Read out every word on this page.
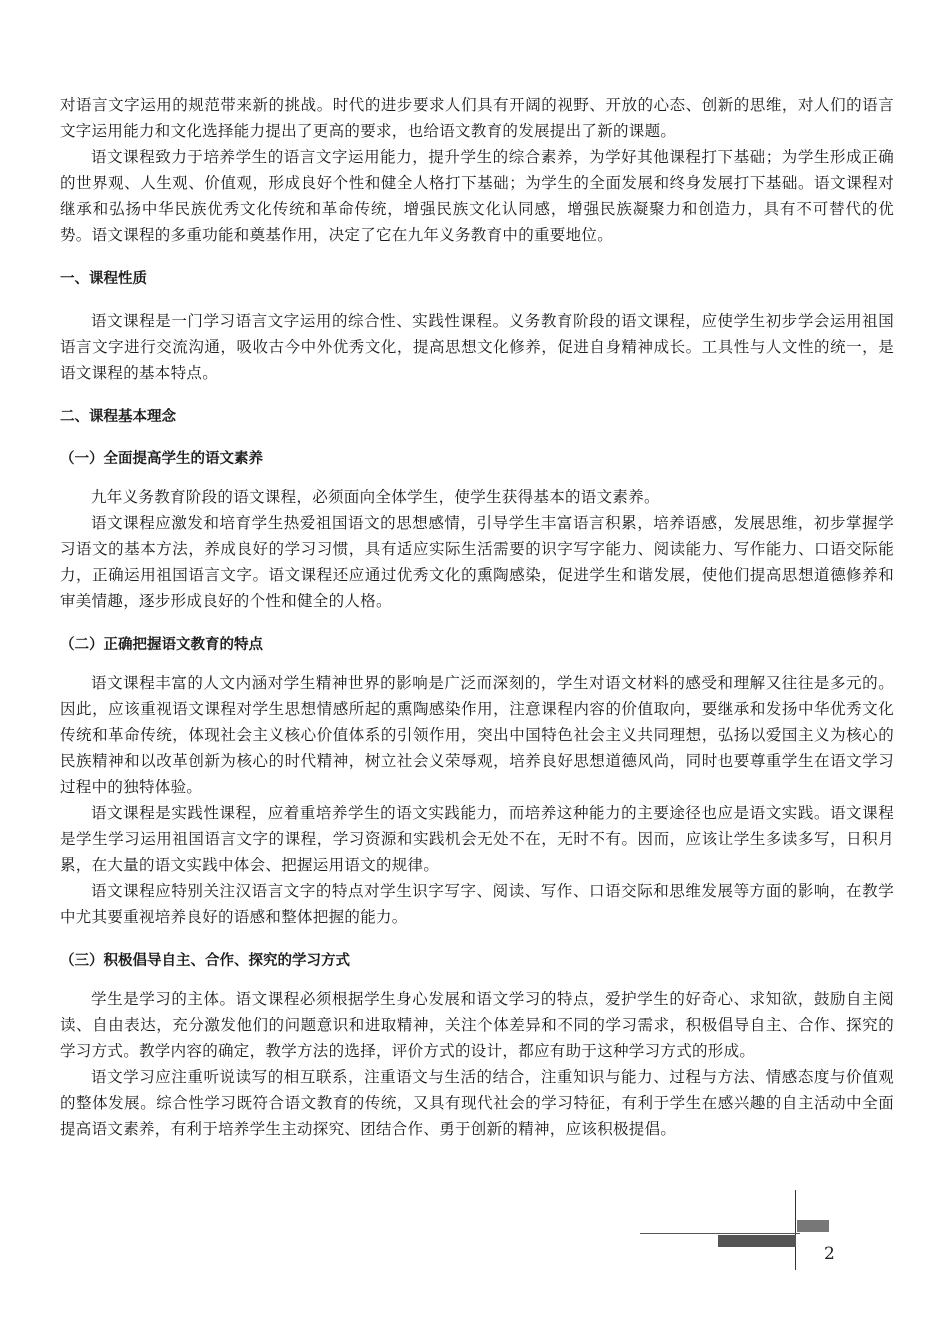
对语言文字运用的规范带来新的挑战。时代的进步要求人们具有开阔的视野、开放的心态、创新的思维，对人们的语言文字运用能力和文化选择能力提出了更高的要求，也给语文教育的发展提出了新的课题。

语文课程致力于培养学生的语言文字运用能力，提升学生的综合素养，为学好其他课程打下基础；为学生形成正确的世界观、人生观、价值观，形成良好个性和健全人格打下基础；为学生的全面发展和终身发展打下基础。语文课程对继承和弘扬中华民族优秀文化传统和革命传统，增强民族文化认同感，增强民族凝聚力和创造力，具有不可替代的优势。语文课程的多重功能和奠基作用，决定了它在九年义务教育中的重要地位。

一、课程性质

语文课程是一门学习语言文字运用的综合性、实践性课程。义务教育阶段的语文课程，应使学生初步学会运用祖国语言文字进行交流沟通，吸收古今中外优秀文化，提高思想文化修养，促进自身精神成长。工具性与人文性的统一，是语文课程的基本特点。

二、课程基本理念
（一）全面提高学生的语文素养

九年义务教育阶段的语文课程，必须面向全体学生，使学生获得基本的语文素养。

语文课程应激发和培育学生热爱祖国语文的思想感情，引导学生丰富语言积累，培养语感，发展思维，初步掌握学习语文的基本方法，养成良好的学习习惯，具有适应实际生活需要的识字写字能力、阅读能力、写作能力、口语交际能力，正确运用祖国语言文字。语文课程还应通过优秀文化的熏陶感染，促进学生和谐发展，使他们提高思想道德修养和审美情趣，逐步形成良好的个性和健全的人格。

（二）正确把握语文教育的特点

语文课程丰富的人文内涵对学生精神世界的影响是广泛而深刻的，学生对语文材料的感受和理解又往往是多元的。因此，应该重视语文课程对学生思想情感所起的熏陶感染作用，注意课程内容的价值取向，要继承和发扬中华优秀文化传统和革命传统，体现社会主义核心价值体系的引领作用，突出中国特色社会主义共同理想，弘扬以爱国主义为核心的民族精神和以改革创新为核心的时代精神，树立社会义荣辱观，培养良好思想道德风尚，同时也要尊重学生在语文学习过程中的独特体验。

语文课程是实践性课程，应着重培养学生的语文实践能力，而培养这种能力的主要途径也应是语文实践。语文课程是学生学习运用祖国语言文字的课程，学习资源和实践机会无处不在，无时不有。因而，应该让学生多读多写，日积月累，在大量的语文实践中体会、把握运用语文的规律。

语文课程应特别关注汉语言文字的特点对学生识字写字、阅读、写作、口语交际和思维发展等方面的影响，在教学中尤其要重视培养良好的语感和整体把握的能力。

（三）积极倡导自主、合作、探究的学习方式

学生是学习的主体。语文课程必须根据学生身心发展和语文学习的特点，爱护学生的好奇心、求知欲，鼓励自主阅读、自由表达，充分激发他们的问题意识和进取精神，关注个体差异和不同的学习需求，积极倡导自主、合作、探究的学习方式。教学内容的确定，教学方法的选择，评价方式的设计，都应有助于这种学习方式的形成。

语文学习应注重听说读写的相互联系，注重语文与生活的结合，注重知识与能力、过程与方法、情感态度与价值观的整体发展。综合性学习既符合语文教育的传统，又具有现代社会的学习特征，有利于学生在感兴趣的自主活动中全面提高语文素养，有利于培养学生主动探究、团结合作、勇于创新的精神，应该积极提倡。

2
